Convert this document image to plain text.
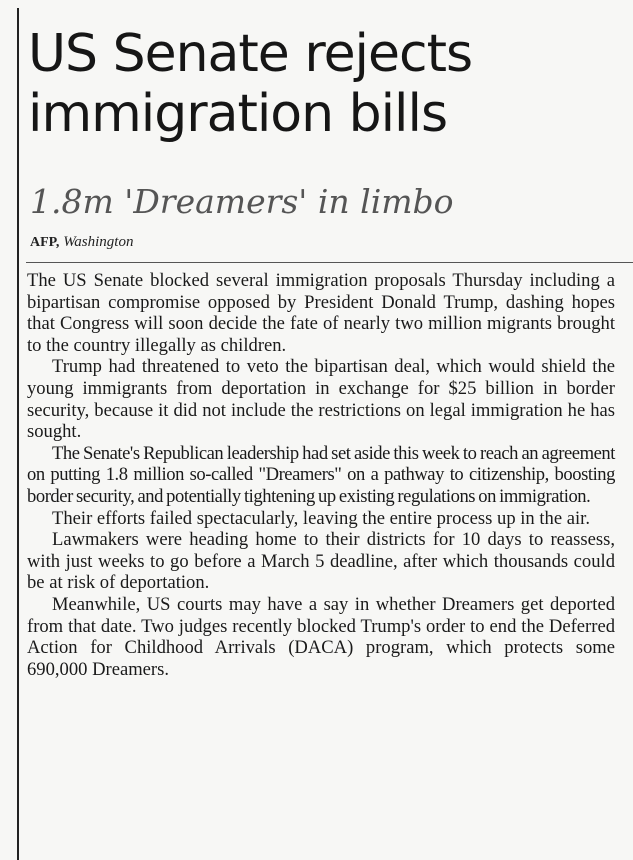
US Senate rejects immigration bills
1.8m 'Dreamers' in limbo
AFP, Washington

The US Senate blocked several immigration proposals Thursday including a bipartisan compromise opposed by President Donald Trump, dashing hopes that Congress will soon decide the fate of nearly two million migrants brought to the country illegally as children.

Trump had threatened to veto the bipartisan deal, which would shield the young immigrants from deportation in exchange for $25 billion in border security, because it did not include the restrictions on legal immigration he has sought.

The Senate's Republican leadership had set aside this week to reach an agreement on putting 1.8 million so-called "Dreamers" on a pathway to citizenship, boosting border security, and potentially tightening up existing regulations on immigration.

Their efforts failed spectacularly, leaving the entire process up in the air.

Lawmakers were heading home to their districts for 10 days to reassess, with just weeks to go before a March 5 deadline, after which thousands could be at risk of deportation.

Meanwhile, US courts may have a say in whether Dreamers get deported from that date. Two judges recently blocked Trump's order to end the Deferred Action for Childhood Arrivals (DACA) program, which protects some 690,000 Dreamers.
